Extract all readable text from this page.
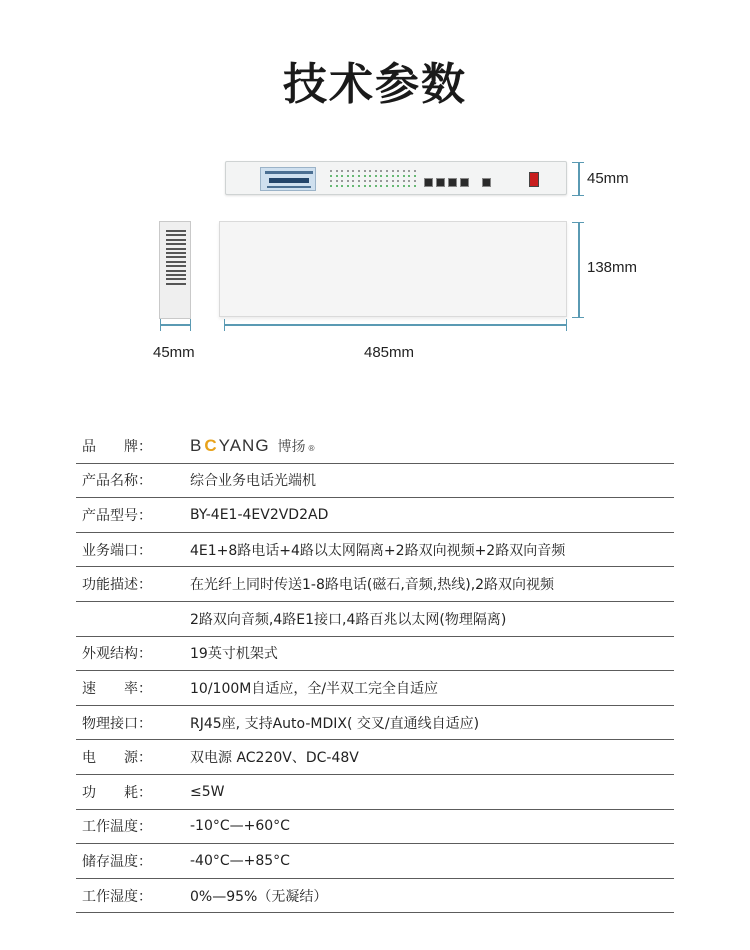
技术参数
45mm
138mm
45mm	485mm
品　　牌：	B C YANG 博扬 ®
产品名称：	综合业务电话光端机
产品型号：	BY-4E1-4EV2VD2AD
业务端口：	4E1+8路电话+4路以太网隔离+2路双向视频+2路双向音频
功能描述：	在光纤上同时传送1-8路电话(磁石,音频,热线),2路双向视频
2路双向音频,4路E1接口,4路百兆以太网(物理隔离)
外观结构：	19英寸机架式
速　　率：	10/100M自适应，全/半双工完全自适应
物理接口：	RJ45座, 支持Auto-MDIX( 交叉/直通线自适应)
电　　源：	双电源 AC220V、DC-48V
功　　耗：	≤5W
工作温度：	-10°C—+60°C
储存温度：	-40°C—+85°C
工作湿度：	0%—95%（无凝结）
